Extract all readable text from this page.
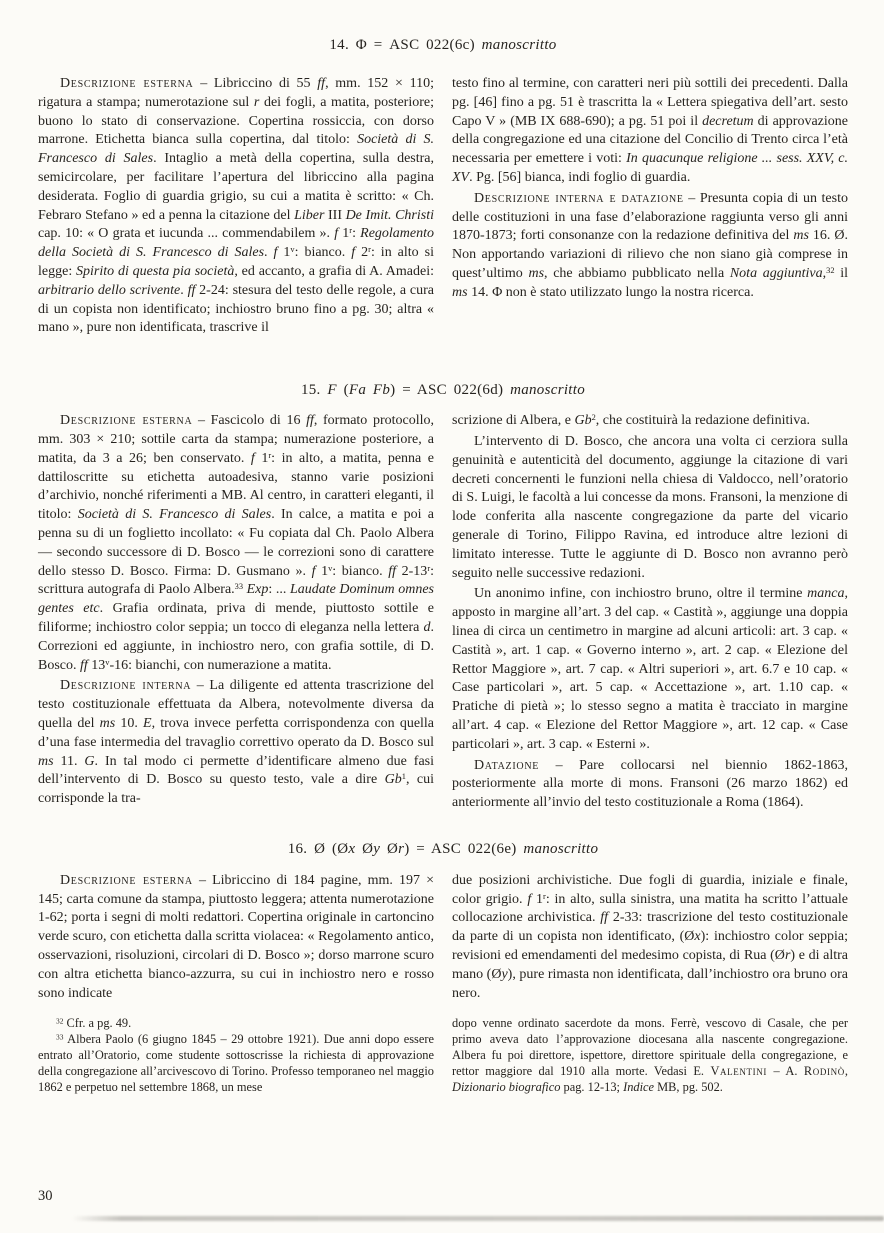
14. Φ = ASC 022(6c) manoscritto

Descrizione esterna – Libriccino di 55 ff, mm. 152 × 110; rigatura a stampa; numerotazione sul r dei fogli, a matita, posteriore; buono lo stato di conservazione. Copertina rossiccia, con dorso marrone. Etichetta bianca sulla copertina, dal titolo: Società di S. Francesco di Sales. Intaglio a metà della copertina, sulla destra, semicircolare, per facilitare l’apertura del libriccino alla pagina desiderata. Foglio di guardia grigio, su cui a matita è scritto: « Ch. Febraro Stefano » ed a penna la citazione del Liber III De Imit. Christi cap. 10: « O grata et iucunda ... commendabilem ». f 1$^r$: Regolamento della Società di S. Francesco di Sales. f 1$^v$: bianco. f 2$^r$: in alto si legge: Spirito di questa pia società, ed accanto, a grafia di A. Amadei: arbitrario dello scrivente. ff 2-24: stesura del testo delle regole, a cura di un copista non identificato; inchiostro bruno fino a pg. 30; altra « mano », pure non identificata, trascrive il

testo fino al termine, con caratteri neri più sottili dei precedenti. Dalla pg. [46] fino a pg. 51 è trascritta la « Lettera spiegativa dell’art. sesto Capo V » (MB IX 688-690); a pg. 51 poi il decretum di approvazione della congregazione ed una citazione del Concilio di Trento circa l’età necessaria per emettere i voti: In quacunque religione ... sess. XXV, c. XV. Pg. [56] bianca, indi foglio di guardia.

Descrizione interna e datazione – Presunta copia di un testo delle costituzioni in una fase d’elaborazione raggiunta verso gli anni 1870-1873; forti consonanze con la redazione definitiva del ms 16. Ø. Non apportando variazioni di rilievo che non siano già comprese in quest’ultimo ms, che abbiamo pubblicato nella Nota aggiuntiva,$^{32}$ il ms 14. Φ non è stato utilizzato lungo la nostra ricerca.

15. F (Fa Fb) = ASC 022(6d) manoscritto

Descrizione esterna – Fascicolo di 16 ff, formato protocollo, mm. 303 × 210; sottile carta da stampa; numerazione posteriore, a matita, da 3 a 26; ben conservato. f 1$^r$: in alto, a matita, penna e dattiloscritte su etichetta autoadesiva, stanno varie posizioni d’archivio, nonché riferimenti a MB. Al centro, in caratteri eleganti, il titolo: Società di S. Francesco di Sales. In calce, a matita e poi a penna su di un foglietto incollato: « Fu copiata dal Ch. Paolo Albera — secondo successore di D. Bosco — le correzioni sono di carattere dello stesso D. Bosco. Firma: D. Gusmano ». f 1$^v$: bianco. ff 2-13$^r$: scrittura autografa di Paolo Albera.$^{33}$ Exp: ... Laudate Dominum omnes gentes etc. Grafia ordinata, priva di mende, piuttosto sottile e filiforme; inchiostro color seppia; un tocco di eleganza nella lettera d. Correzioni ed aggiunte, in inchiostro nero, con grafia sottile, di D. Bosco. ff 13$^v$-16: bianchi, con numerazione a matita.

Descrizione interna – La diligente ed attenta trascrizione del testo costituzionale effettuata da Albera, notevolmente diversa da quella del ms 10. E, trova invece perfetta corrispondenza con quella d’una fase intermedia del travaglio correttivo operato da D. Bosco sul ms 11. G. In tal modo ci permette d’identificare almeno due fasi dell’intervento di D. Bosco su questo testo, vale a dire Gb$^1$, cui corrisponde la tra-

scrizione di Albera, e Gb$^2$, che costituirà la redazione definitiva.

L’intervento di D. Bosco, che ancora una volta ci cerziora sulla genuinità e autenticità del documento, aggiunge la citazione di vari decreti concernenti le funzioni nella chiesa di Valdocco, nell’oratorio di S. Luigi, le facoltà a lui concesse da mons. Fransoni, la menzione di lode conferita alla nascente congregazione da parte del vicario generale di Torino, Filippo Ravina, ed introduce altre lezioni di limitato interesse. Tutte le aggiunte di D. Bosco non avranno però seguito nelle successive redazioni.

Un anonimo infine, con inchiostro bruno, oltre il termine manca, apposto in margine all’art. 3 del cap. « Castità », aggiunge una doppia linea di circa un centimetro in margine ad alcuni articoli: art. 3 cap. « Castità », art. 1 cap. « Governo interno », art. 2 cap. « Elezione del Rettor Maggiore », art. 7 cap. « Altri superiori », art. 6.7 e 10 cap. « Case particolari », art. 5 cap. « Accettazione », art. 1.10 cap. « Pratiche di pietà »; lo stesso segno a matita è tracciato in margine all’art. 4 cap. « Elezione del Rettor Maggiore », art. 12 cap. « Case particolari », art. 3 cap. « Esterni ».

Datazione – Pare collocarsi nel biennio 1862-1863, posteriormente alla morte di mons. Fransoni (26 marzo 1862) ed anteriormente all’invio del testo costituzionale a Roma (1864).

16. Ø (Øx Øy Ør) = ASC 022(6e) manoscritto

Descrizione esterna – Libriccino di 184 pagine, mm. 197 × 145; carta comune da stampa, piuttosto leggera; attenta numerotazione 1-62; porta i segni di molti redattori. Copertina originale in cartoncino verde scuro, con etichetta dalla scritta violacea: « Regolamento antico, osservazioni, risoluzioni, circolari di D. Bosco »; dorso marrone scuro con altra etichetta bianco-azzurra, su cui in inchiostro nero e rosso sono indicate

due posizioni archivistiche. Due fogli di guardia, iniziale e finale, color grigio. f 1$^r$: in alto, sulla sinistra, una matita ha scritto l’attuale collocazione archivistica. ff 2-33: trascrizione del testo costituzionale da parte di un copista non identificato, (Øx): inchiostro color seppia; revisioni ed emendamenti del medesimo copista, di Rua (Ør) e di altra mano (Øy), pure rimasta non identificata, dall’inchiostro ora bruno ora nero.

$^{32}$ Cfr. a pg. 49.

$^{33}$ Albera Paolo (6 giugno 1845 – 29 ottobre 1921). Due anni dopo essere entrato all’Oratorio, come studente sottoscrisse la richiesta di approvazione della congregazione all’arcivescovo di Torino. Professo temporaneo nel maggio 1862 e perpetuo nel settembre 1868, un mese

dopo venne ordinato sacerdote da mons. Ferrè, vescovo di Casale, che per primo aveva dato l’approvazione diocesana alla nascente congregazione. Albera fu poi direttore, ispettore, direttore spirituale della congregazione, e rettor maggiore dal 1910 alla morte. Vedasi E. Valentini – A. Rodinò, Dizionario biografico pag. 12-13; Indice MB, pg. 502.

30
